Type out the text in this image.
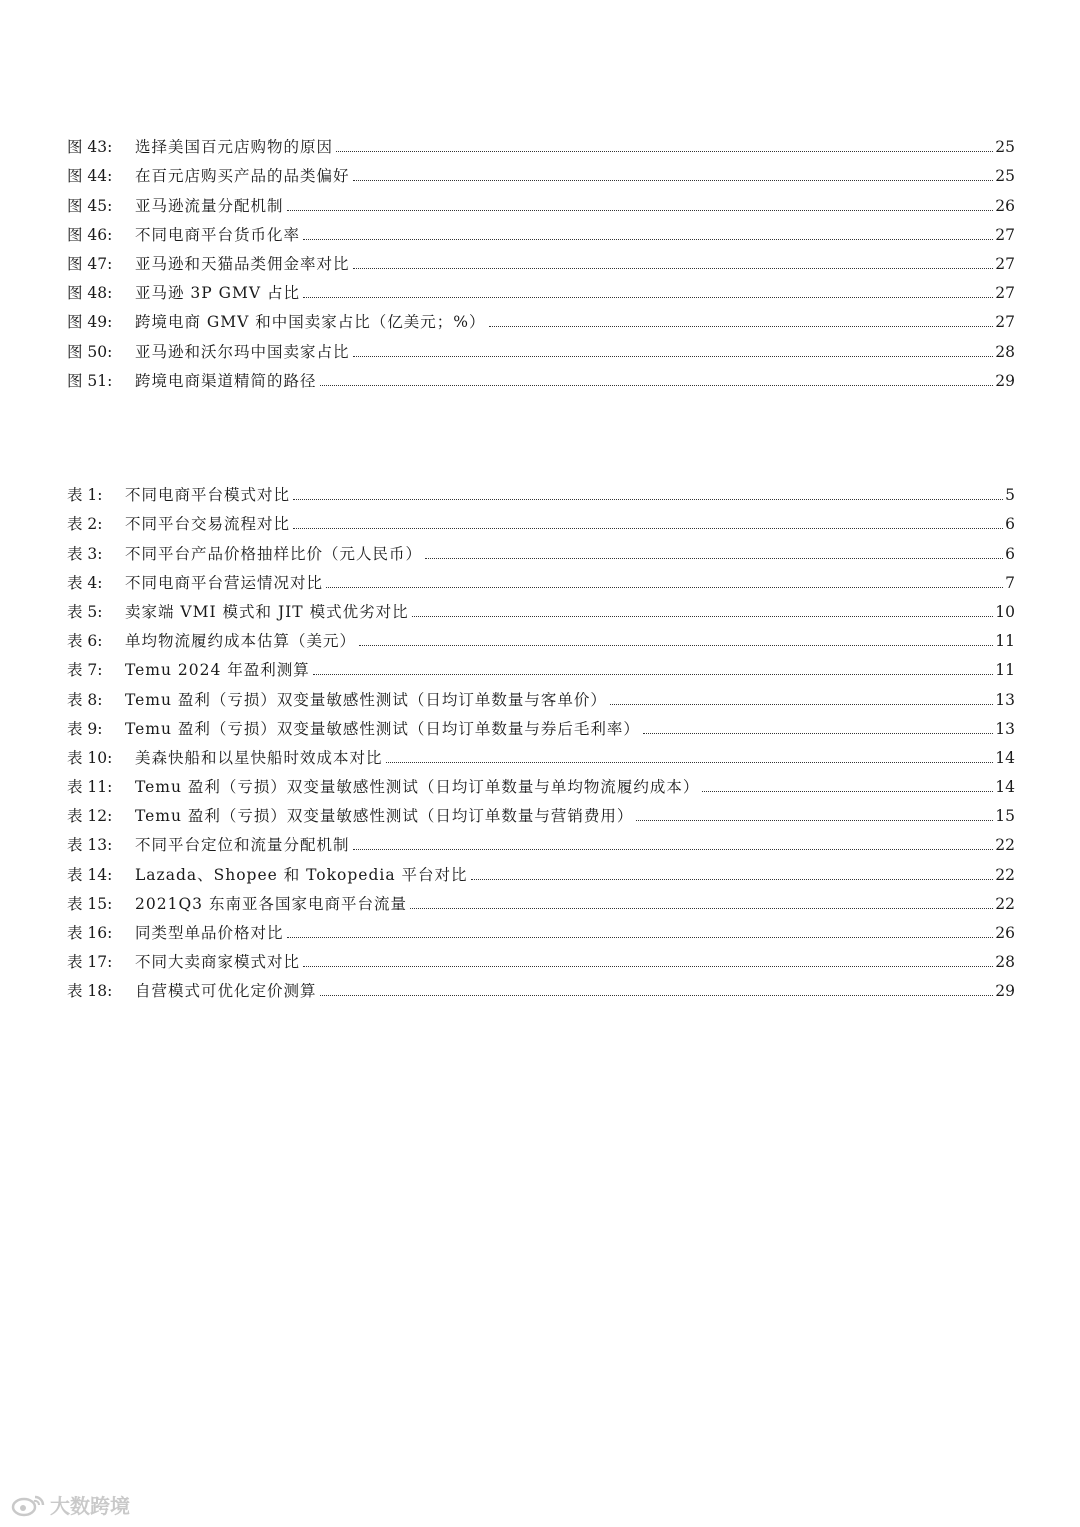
图 43:	选择美国百元店购物的原因	25
图 44:	在百元店购买产品的品类偏好	25
图 45:	亚马逊流量分配机制	26
图 46:	不同电商平台货币化率	27
图 47:	亚马逊和天猫品类佣金率对比	27
图 48:	亚马逊 3P GMV 占比	27
图 49:	跨境电商 GMV 和中国卖家占比（亿美元；%）	27
图 50:	亚马逊和沃尔玛中国卖家占比	28
图 51:	跨境电商渠道精简的路径	29
表 1:	不同电商平台模式对比	5
表 2:	不同平台交易流程对比	6
表 3:	不同平台产品价格抽样比价（元人民币）	6
表 4:	不同电商平台营运情况对比	7
表 5:	卖家端 VMI 模式和 JIT 模式优劣对比	10
表 6:	单均物流履约成本估算（美元）	11
表 7:	Temu 2024 年盈利测算	11
表 8:	Temu 盈利（亏损）双变量敏感性测试（日均订单数量与客单价）	13
表 9:	Temu 盈利（亏损）双变量敏感性测试（日均订单数量与券后毛利率）	13
表 10:	美森快船和以星快船时效成本对比	14
表 11:	Temu 盈利（亏损）双变量敏感性测试（日均订单数量与单均物流履约成本）	14
表 12:	Temu 盈利（亏损）双变量敏感性测试（日均订单数量与营销费用）	15
表 13:	不同平台定位和流量分配机制	22
表 14:	Lazada、Shopee 和 Tokopedia 平台对比	22
表 15:	2021Q3 东南亚各国家电商平台流量	22
表 16:	同类型单品价格对比	26
表 17:	不同大卖商家模式对比	28
表 18:	自营模式可优化定价测算	29
大数跨境
